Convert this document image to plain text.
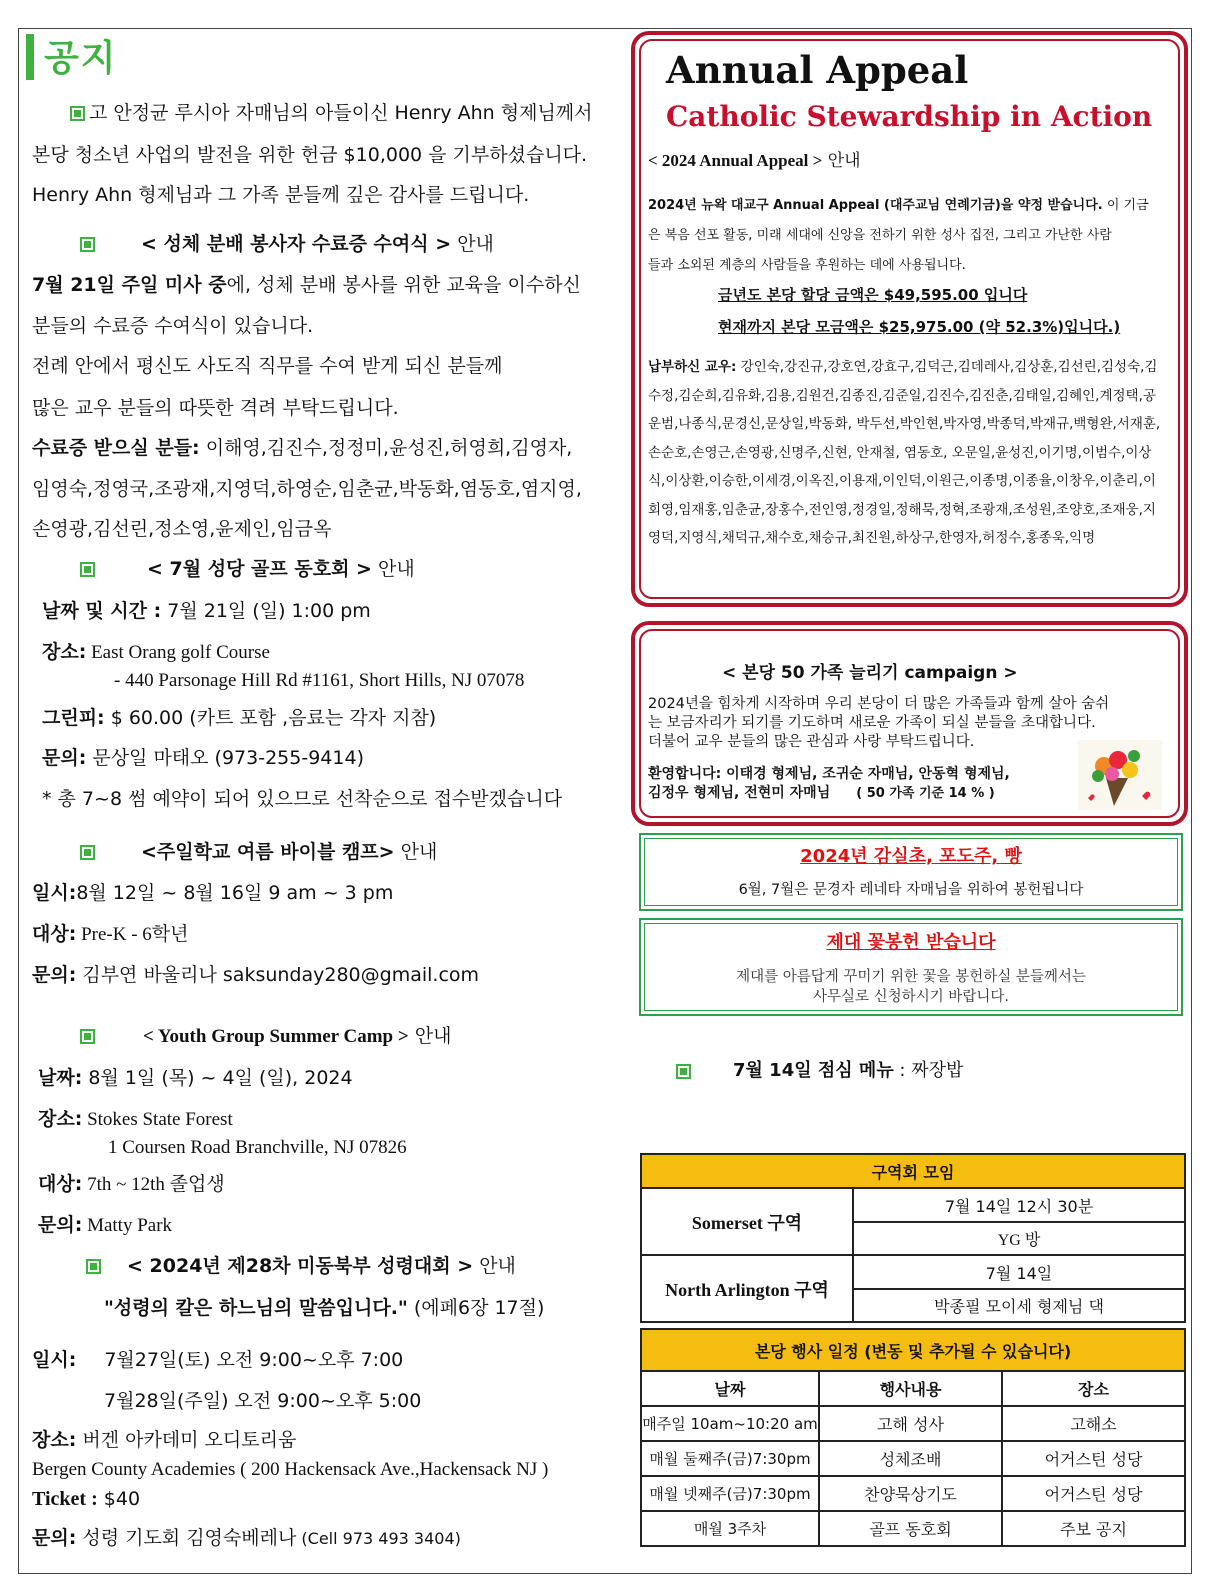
공지
고 안정균 루시아 자매님의 아들이신 Henry Ahn 형제님께서
본당 청소년 사업의 발전을 위한 헌금 $10,000 을 기부하셨습니다.
Henry Ahn 형제님과 그 가족 분들께 깊은 감사를 드립니다.
< 성체 분배 봉사자 수료증 수여식 > 안내
7월 21일 주일 미사 중에, 성체 분배 봉사를 위한 교육을 이수하신
분들의 수료증 수여식이 있습니다.
전례 안에서 평신도 사도직 직무를 수여 받게 되신 분들께
많은 교우 분들의 따뜻한 격려 부탁드립니다.
수료증 받으실 분들: 이해영,김진수,정정미,윤성진,허영희,김영자,
임영숙,정영국,조광재,지영덕,하영순,임춘균,박동화,염동호,염지영,
손영광,김선린,정소영,윤제인,임금옥
< 7월 성당 골프 동호회 > 안내
날짜 및 시간 : 7월 21일 (일) 1:00 pm
장소: East Orang golf Course
- 440 Parsonage Hill Rd #1161, Short Hills, NJ 07078
그린피: $ 60.00 (카트 포함 ,음료는 각자 지참)
문의: 문상일 마태오 (973-255-9414)
* 총 7~8 썸 예약이 되어 있으므로 선착순으로 접수받겠습니다
<주일학교 여름 바이블 캠프> 안내
일시:8월 12일 ~ 8월 16일 9 am ~ 3 pm
대상: Pre-K - 6학년
문의: 김부연 바울리나 saksunday280@gmail.com
< Youth Group Summer Camp > 안내
날짜: 8월 1일 (목) ~ 4일 (일), 2024
장소: Stokes State Forest
1 Coursen Road Branchville, NJ 07826
대상: 7th ~ 12th 졸업생
문의: Matty Park
< 2024년 제28차 미동북부 성령대회 > 안내
"성령의 칼은 하느님의 말씀입니다." (에페6장 17절)
일시: 7월27일(토) 오전 9:00~오후 7:00
7월28일(주일) 오전 9:00~오후 5:00
장소: 버겐 아카데미 오디토리움
Bergen County Academies ( 200 Hackensack Ave.,Hackensack NJ )
Ticket : $40
문의: 성령 기도회 김영숙베레나 (Cell 973 493 3404)
Annual Appeal
Catholic Stewardship in Action
< 2024 Annual Appeal > 안내
2024년 뉴왁 대교구 Annual Appeal (대주교님 연례기금)을 약정 받습니다. 이 기금
은 복음 선포 활동, 미래 세대에 신앙을 전하기 위한 성사 집전, 그리고 가난한 사람
들과 소외된 계층의 사람들을 후원하는 데에 사용됩니다.
금년도 본당 할당 금액은 $49,595.00 입니다
현재까지 본당 모금액은 $25,975.00 (약 52.3%)입니다.)
납부하신 교우: 강인숙,강진규,강호연,강효구,김덕근,김데레사,김상훈,김선린,김성숙,김수정,김순희,김유화,김용,김원건,김종진,김준일,김진수,김진춘,김태일,김혜인,계정택,공운범,나종식,문경신,문상일,박동화, 박두선,박인현,박자영,박종덕,박재규,백형완,서재훈,손순호,손영근,손영광,신명주,신현, 안재철, 염동호, 오문일,윤성진,이기명,이범수,이상식,이상환,이승한,이세경,이옥진,이용재,이인덕,이원근,이종명,이종율,이창우,이춘리,이회영,임재홍,임춘균,장홍수,전인영,정경일,정해묵,정혁,조광재,조성원,조양호,조재웅,지영덕,지영식,채덕규,채수호,채승규,최진원,하상구,한영자,허정수,홍종욱,익명
< 본당 50 가족 늘리기 campaign >
2024년을 힘차게 시작하며 우리 본당이 더 많은 가족들과 함께 살아 숨쉬
는 보금자리가 되기를 기도하며 새로운 가족이 되실 분들을 초대합니다.
더불어 교우 분들의 많은 관심과 사랑 부탁드립니다.
환영합니다: 이태경 형제님, 조귀순 자매님, 안동혁 형제님,
김정우 형제님, 전현미 자매님 ( 50 가족 기준 14 % )
2024년 감실초, 포도주, 빵
6월, 7월은 문경자 레네타 자매님을 위하여 봉헌됩니다
제대 꽃봉헌 받습니다
제대를 아름답게 꾸미기 위한 꽃을 봉헌하실 분들께서는
사무실로 신청하시기 바랍니다.
7월 14일 점심 메뉴 : 짜장밥
구역회 모임	
Somerset 구역	7월 14일 12시 30분
	YG 방
North Arlington 구역	7월 14일
	박종필 모이세 형제님 댁
본당 행사 일정 (변동 및 추가될 수 있습니다)		
날짜	행사내용	장소
매주일 10am~10:20 am	고해 성사	고해소
매월 둘째주(금)7:30pm	성체조배	어거스틴 성당
매월 넷째주(금)7:30pm	찬양묵상기도	어거스틴 성당
매월 3주차	골프 동호회	주보 공지
